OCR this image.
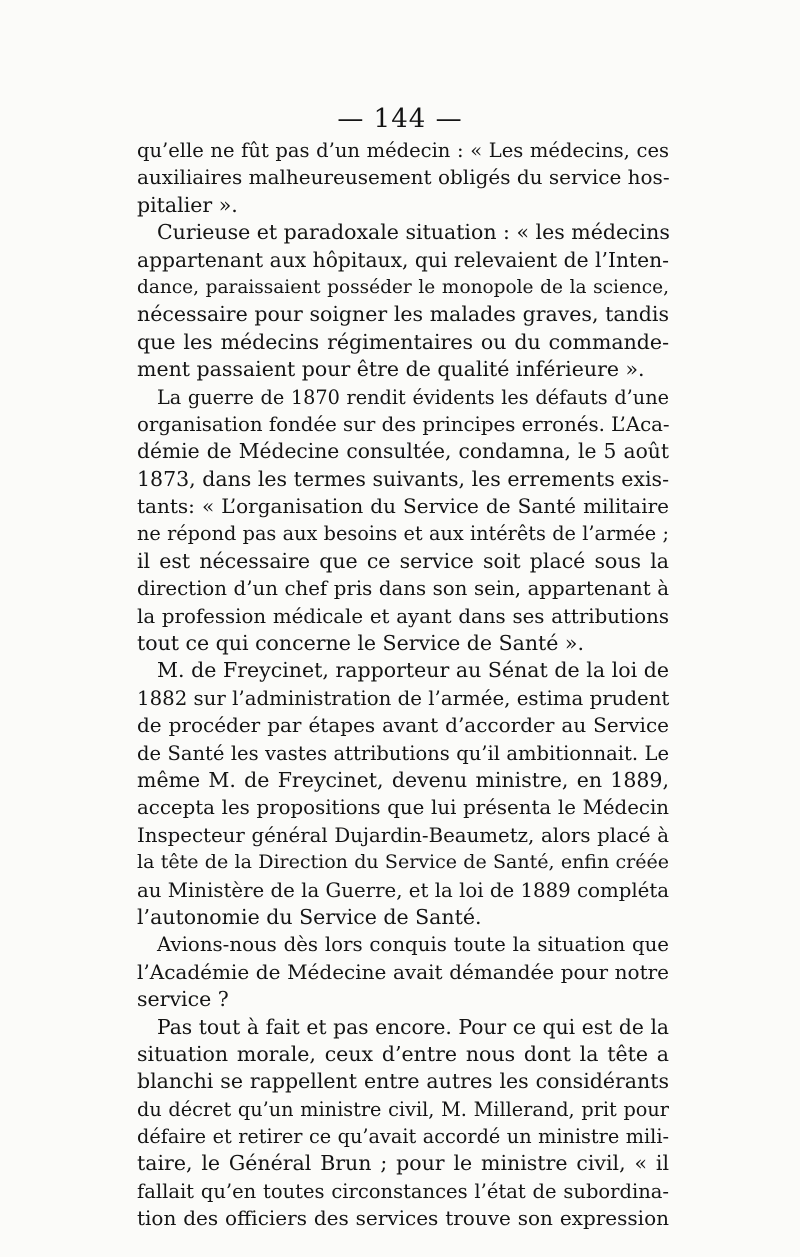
— 144 —
qu’elle ne fût pas d’un médecin : « Les médecins, ces
auxiliaires malheureusement obligés du service hos-
pitalier ».
Curieuse et paradoxale situation : « les médecins
appartenant aux hôpitaux, qui relevaient de l’Inten-
dance, paraissaient posséder le monopole de la science,
nécessaire pour soigner les malades graves, tandis
que les médecins régimentaires ou du commande-
ment passaient pour être de qualité inférieure ».
La guerre de 1870 rendit évidents les défauts d’une
organisation fondée sur des principes erronés. L’Aca-
démie de Médecine consultée, condamna, le 5 août
1873, dans les termes suivants, les errements exis-
tants: « L’organisation du Service de Santé militaire
ne répond pas aux besoins et aux intérêts de l’armée ;
il est nécessaire que ce service soit placé sous la
direction d’un chef pris dans son sein, appartenant à
la profession médicale et ayant dans ses attributions
tout ce qui concerne le Service de Santé ».
M. de Freycinet, rapporteur au Sénat de la loi de
1882 sur l’administration de l’armée, estima prudent
de procéder par étapes avant d’accorder au Service
de Santé les vastes attributions qu’il ambitionnait. Le
même M. de Freycinet, devenu ministre, en 1889,
accepta les propositions que lui présenta le Médecin
Inspecteur général Dujardin-Beaumetz, alors placé à
la tête de la Direction du Service de Santé, enfin créée
au Ministère de la Guerre, et la loi de 1889 compléta
l’autonomie du Service de Santé.
Avions-nous dès lors conquis toute la situation que
l’Académie de Médecine avait démandée pour notre
service ?
Pas tout à fait et pas encore. Pour ce qui est de la
situation morale, ceux d’entre nous dont la tête a
blanchi se rappellent entre autres les considérants
du décret qu’un ministre civil, M. Millerand, prit pour
défaire et retirer ce qu’avait accordé un ministre mili-
taire, le Général Brun ; pour le ministre civil, « il
fallait qu’en toutes circonstances l’état de subordina-
tion des officiers des services trouve son expression
